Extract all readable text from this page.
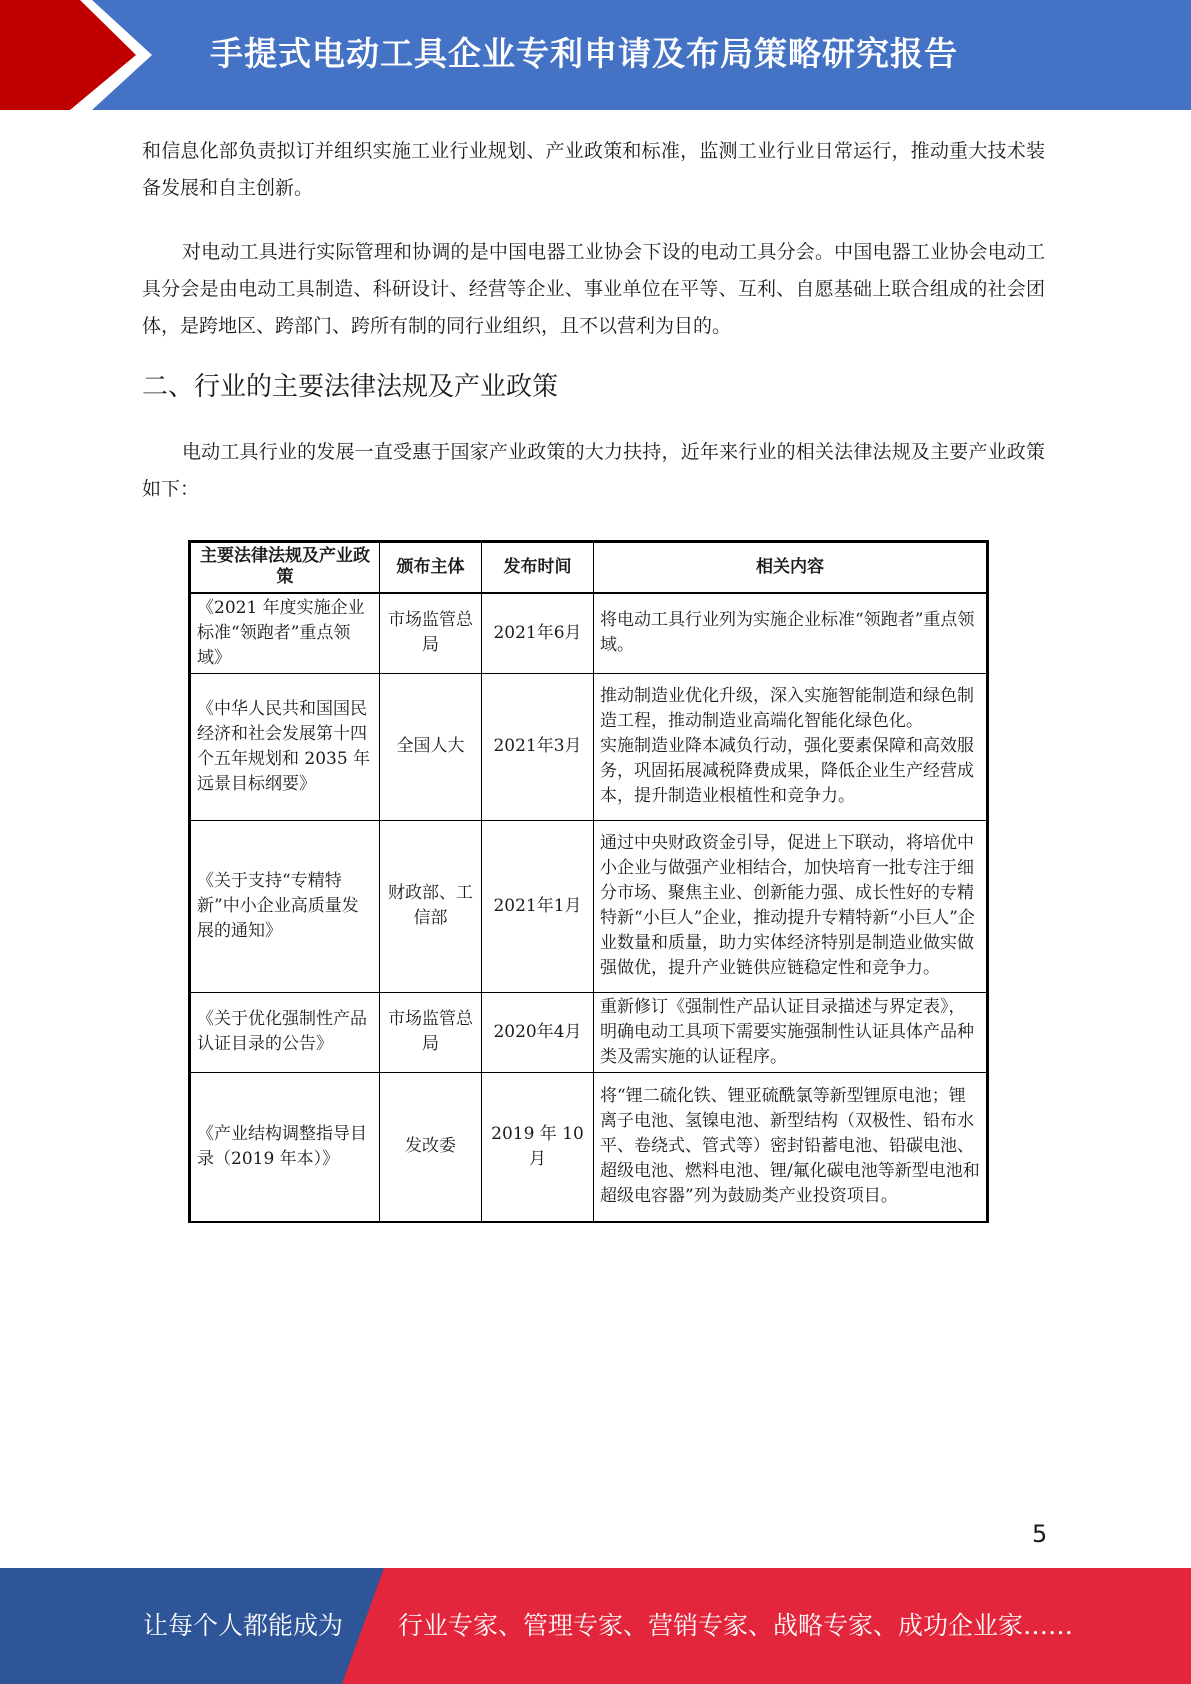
手提式电动工具企业专利申请及布局策略研究报告

和信息化部负责拟订并组织实施工业行业规划、产业政策和标准，监测工业行业日常运行，推动重大技术装备发展和自主创新。

对电动工具进行实际管理和协调的是中国电器工业协会下设的电动工具分会。中国电器工业协会电动工具分会是由电动工具制造、科研设计、经营等企业、事业单位在平等、互利、自愿基础上联合组成的社会团体，是跨地区、跨部门、跨所有制的同行业组织，且不以营利为目的。

二、行业的主要法律法规及产业政策

电动工具行业的发展一直受惠于国家产业政策的大力扶持，近年来行业的相关法律法规及主要产业政策如下：

主要法律法规及产业政策	颁布主体	发布时间	相关内容
《2021 年度实施企业标准“领跑者”重点领域》	市场监管总局	2021年6月	将电动工具行业列为实施企业标准“领跑者”重点领域。
《中华人民共和国国民经济和社会发展第十四个五年规划和 2035 年远景目标纲要》	全国人大	2021年3月	推动制造业优化升级，深入实施智能制造和绿色制造工程，推动制造业高端化智能化绿色化。
实施制造业降本减负行动，强化要素保障和高效服务，巩固拓展减税降费成果，降低企业生产经营成本，提升制造业根植性和竞争力。
《关于支持“专精特新”中小企业高质量发展的通知》	财政部、工信部	2021年1月	通过中央财政资金引导，促进上下联动，将培优中小企业与做强产业相结合，加快培育一批专注于细分市场、聚焦主业、创新能力强、成长性好的专精特新“小巨人”企业，推动提升专精特新“小巨人”企业数量和质量，助力实体经济特别是制造业做实做强做优，提升产业链供应链稳定性和竞争力。
《关于优化强制性产品认证目录的公告》	市场监管总局	2020年4月	重新修订《强制性产品认证目录描述与界定表》，明确电动工具项下需要实施强制性认证具体产品种类及需实施的认证程序。
《产业结构调整指导目录（2019 年本）》	发改委	2019 年 10 月	将“锂二硫化铁、锂亚硫酰氯等新型锂原电池；锂离子电池、氢镍电池、新型结构（双极性、铅布水平、卷绕式、管式等）密封铅蓄电池、铅碳电池、超级电池、燃料电池、锂/氟化碳电池等新型电池和超级电容器”列为鼓励类产业投资项目。
5
让每个人都能成为 行业专家、管理专家、营销专家、战略专家、成功企业家……
